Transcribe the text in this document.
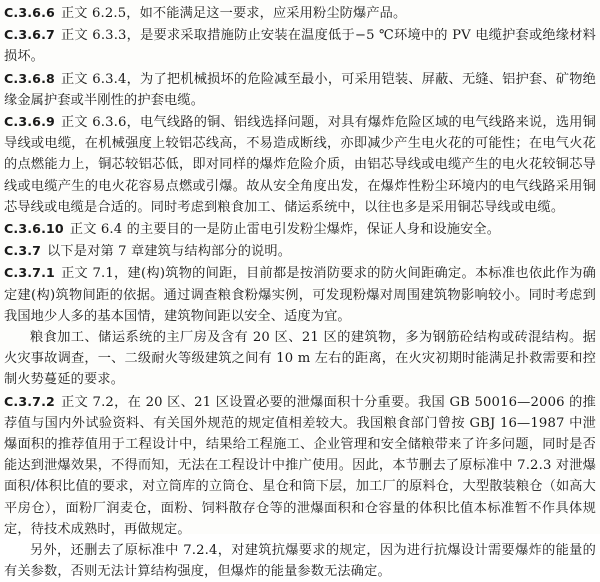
C.3.6.6 正文 6.2.5，如不能满足这一要求，应采用粉尘防爆产品。

C.3.6.7 正文 6.3.3，是要求采取措施防止安装在温度低于−5 ℃环境中的 PV 电缆护套或绝缘材料损坏。

C.3.6.8 正文 6.3.4，为了把机械损坏的危险减至最小，可采用铠装、屏蔽、无缝、铝护套、矿物绝缘金属护套或半刚性的护套电缆。

C.3.6.9 正文 6.3.6，电气线路的铜、铝线选择问题，对具有爆炸危险区域的电气线路来说，选用铜导线或电缆，在机械强度上较铝芯线高，不易造成断线，亦即减少产生电火花的可能性；在电气火花的点燃能力上，铜芯较铝芯低，即对同样的爆炸危险介质，由铝芯导线或电缆产生的电火花较铜芯导线或电缆产生的电火花容易点燃或引爆。故从安全角度出发，在爆炸性粉尘环境内的电气线路采用铜芯导线或电缆是合适的。同时考虑到粮食加工、储运系统中，以往也多是采用铜芯导线或电缆。

C.3.6.10 正文 6.4 的主要目的一是防止雷电引发粉尘爆炸，保证人身和设施安全。

C.3.7 以下是对第 7 章建筑与结构部分的说明。

C.3.7.1 正文 7.1，建(构)筑物的间距，目前都是按消防要求的防火间距确定。本标准也依此作为确定建(构)筑物间距的依据。通过调查粮食粉爆实例，可发现粉爆对周围建筑物影响较小。同时考虑到我国地少人多的基本国情，建筑物间距以安全、适度为宜。

粮食加工、储运系统的主厂房及含有 20 区、21 区的建筑物，多为钢筋砼结构或砖混结构。据火灾事故调查，一、二级耐火等级建筑之间有 10 m 左右的距离，在火灾初期时能满足扑救需要和控制火势蔓延的要求。

C.3.7.2 正文 7.2，在 20 区、21 区设置必要的泄爆面积十分重要。我国 GB 50016—2006 的推荐值与国内外试验资料、有关国外规范的规定值相差较大。我国粮食部门曾按 GBJ 16—1987 中泄爆面积的推荐值用于工程设计中，结果给工程施工、企业管理和安全储粮带来了许多问题，同时是否能达到泄爆效果，不得而知，无法在工程设计中推广使用。因此，本节删去了原标准中 7.2.3 对泄爆面积/体积比值的要求，对立筒库的立筒仓、星仓和筒下层，加工厂的原料仓，大型散装粮仓（如高大平房仓），面粉厂润麦仓，面粉、饲料散存仓等的泄爆面积和仓容量的体积比值本标准暂不作具体规定，待技术成熟时，再做规定。

另外，还删去了原标准中 7.2.4，对建筑抗爆要求的规定，因为进行抗爆设计需要爆炸的能量的有关参数，否则无法计算结构强度，但爆炸的能量参数无法确定。
